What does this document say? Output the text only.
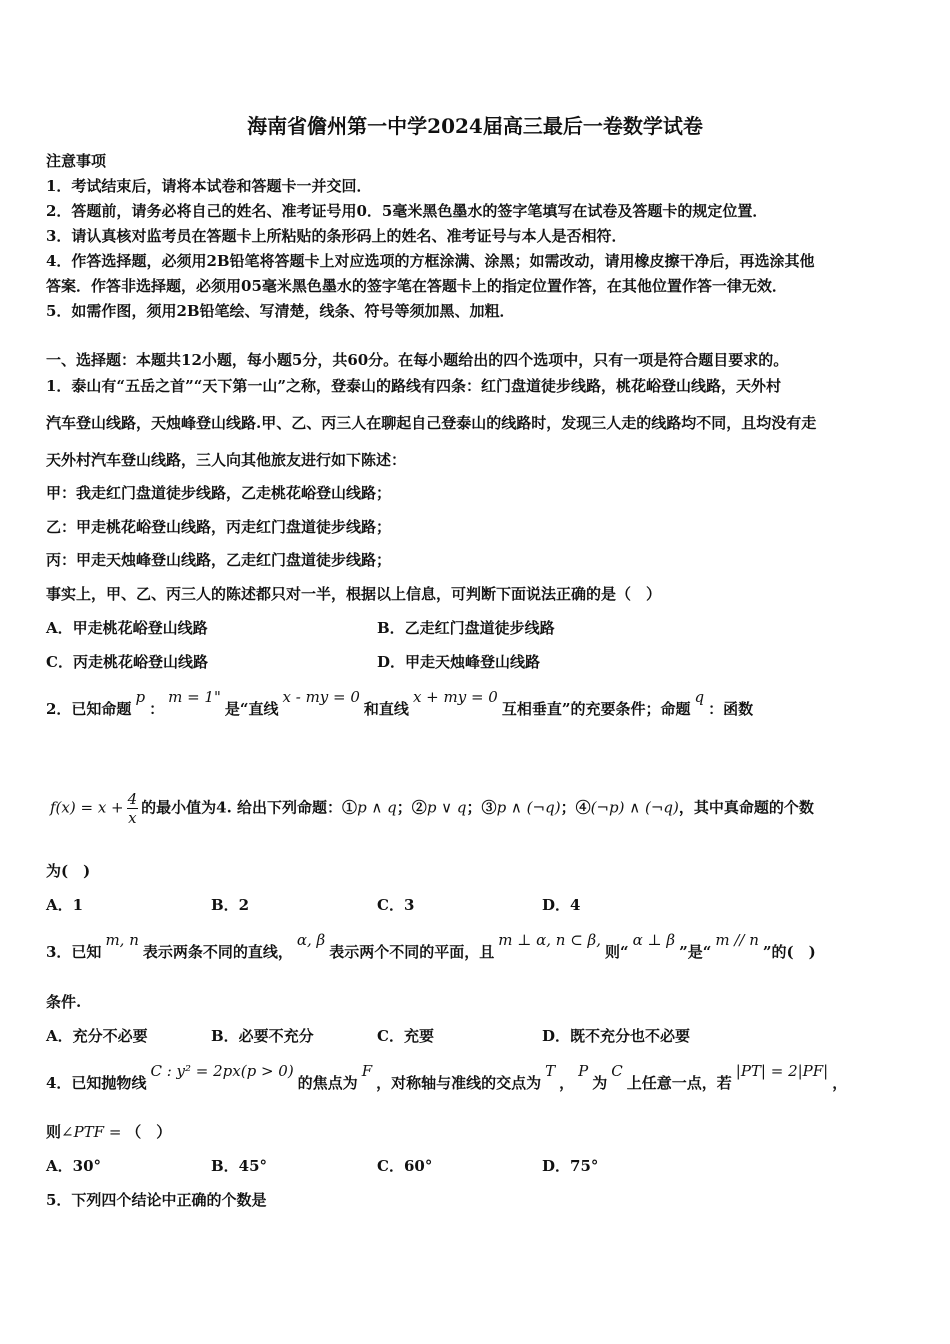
海南省儋州第一中学2024届高三最后一卷数学试卷
注意事项
1．考试结束后，请将本试卷和答题卡一并交回．
2．答题前，请务必将自己的姓名、准考证号用0．5毫米黑色墨水的签字笔填写在试卷及答题卡的规定位置．
3．请认真核对监考员在答题卡上所粘贴的条形码上的姓名、准考证号与本人是否相符．
4．作答选择题，必须用2B铅笔将答题卡上对应选项的方框涂满、涂黑；如需改动，请用橡皮擦干净后，再选涂其他
答案．作答非选择题，必须用05毫米黑色墨水的签字笔在答题卡上的指定位置作答，在其他位置作答一律无效．
5．如需作图，须用2B铅笔绘、写清楚，线条、符号等须加黑、加粗．
一、选择题：本题共12小题，每小题5分，共60分。在每小题给出的四个选项中，只有一项是符合题目要求的。
1．泰山有“五岳之首”“天下第一山”之称，登泰山的路线有四条：红门盘道徒步线路，桃花峪登山线路，天外村
汽车登山线路，天烛峰登山线路.甲、乙、丙三人在聊起自己登泰山的线路时，发现三人走的线路均不同，且均没有走
天外村汽车登山线路，三人向其他旅友进行如下陈述：
甲：我走红门盘道徒步线路，乙走桃花峪登山线路；
乙：甲走桃花峪登山线路，丙走红门盘道徒步线路；
丙：甲走天烛峰登山线路，乙走红门盘道徒步线路；
事实上，甲、乙、丙三人的陈述都只对一半，根据以上信息，可判断下面说法正确的是（　）
A．甲走桃花峪登山线路	B．乙走红门盘道徒步线路
C．丙走桃花峪登山线路	D．甲走天烛峰登山线路
2．已知命题p：m = 1"是“直线x - my = 0和直线x + my = 0互相垂直”的充要条件；命题q：函数
$f(x) = x + \frac{4}{x}$ 的最小值为4. 给出下列命题：①p ∧ q；②p ∨ q；③p ∧ (¬q)；④(¬p) ∧ (¬q)，其中真命题的个数
为(　)
A．1	B．2	C．3	D．4
3．已知m, n表示两条不同的直线，α, β表示两个不同的平面，且m ⊥ α, n ⊂ β,则“α ⊥ β”是“m // n”的(　)
条件.
A．充分不必要	B．必要不充分	C．充要	D．既不充分也不必要
4．已知抛物线C : y² = 2px(p > 0)的焦点为F，对称轴与准线的交点为T，P为C上任意一点，若|PT| = 2|PF|，
则∠PTF = （　）
A．30°	B．45°	C．60°	D．75°
5．下列四个结论中正确的个数是
